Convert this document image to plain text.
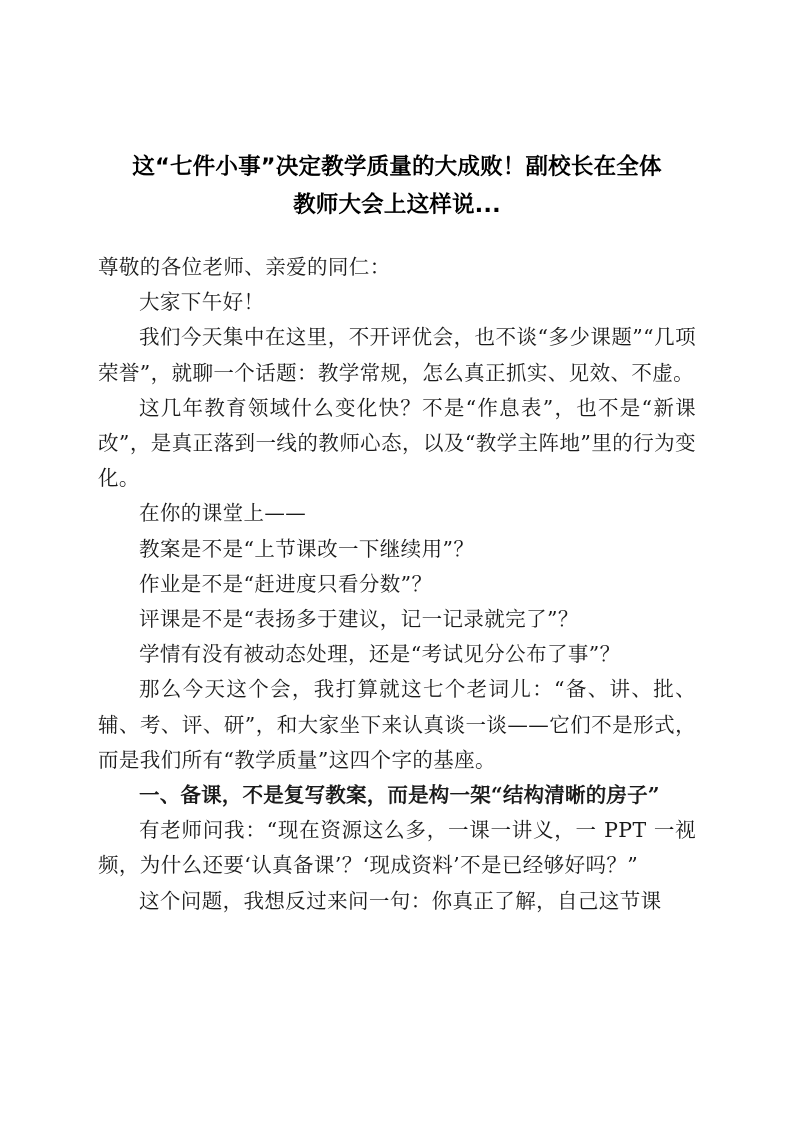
这“七件小事”决定教学质量的大成败！副校长在全体
教师大会上这样说...

尊敬的各位老师、亲爱的同仁：

大家下午好！

我们今天集中在这里，不开评优会，也不谈“多少课题”“几项荣誉”，就聊一个话题：教学常规，怎么真正抓实、见效、不虚。

这几年教育领域什么变化快？不是“作息表”，也不是“新课改”，是真正落到一线的教师心态，以及“教学主阵地”里的行为变化。

在你的课堂上——

教案是不是“上节课改一下继续用”？

作业是不是“赶进度只看分数”？

评课是不是“表扬多于建议，记一记录就完了”？

学情有没有被动态处理，还是“考试见分公布了事”？

那么今天这个会，我打算就这七个老词儿：“备、讲、批、辅、考、评、研”，和大家坐下来认真谈一谈——它们不是形式，而是我们所有“教学质量”这四个字的基座。

一、备课，不是复写教案，而是构一架“结构清晰的房子”

有老师问我：“现在资源这么多，一课一讲义，一 PPT 一视频，为什么还要‘认真备课’？‘现成资料’不是已经够好吗？”

这个问题，我想反过来问一句：你真正了解，自己这节课
